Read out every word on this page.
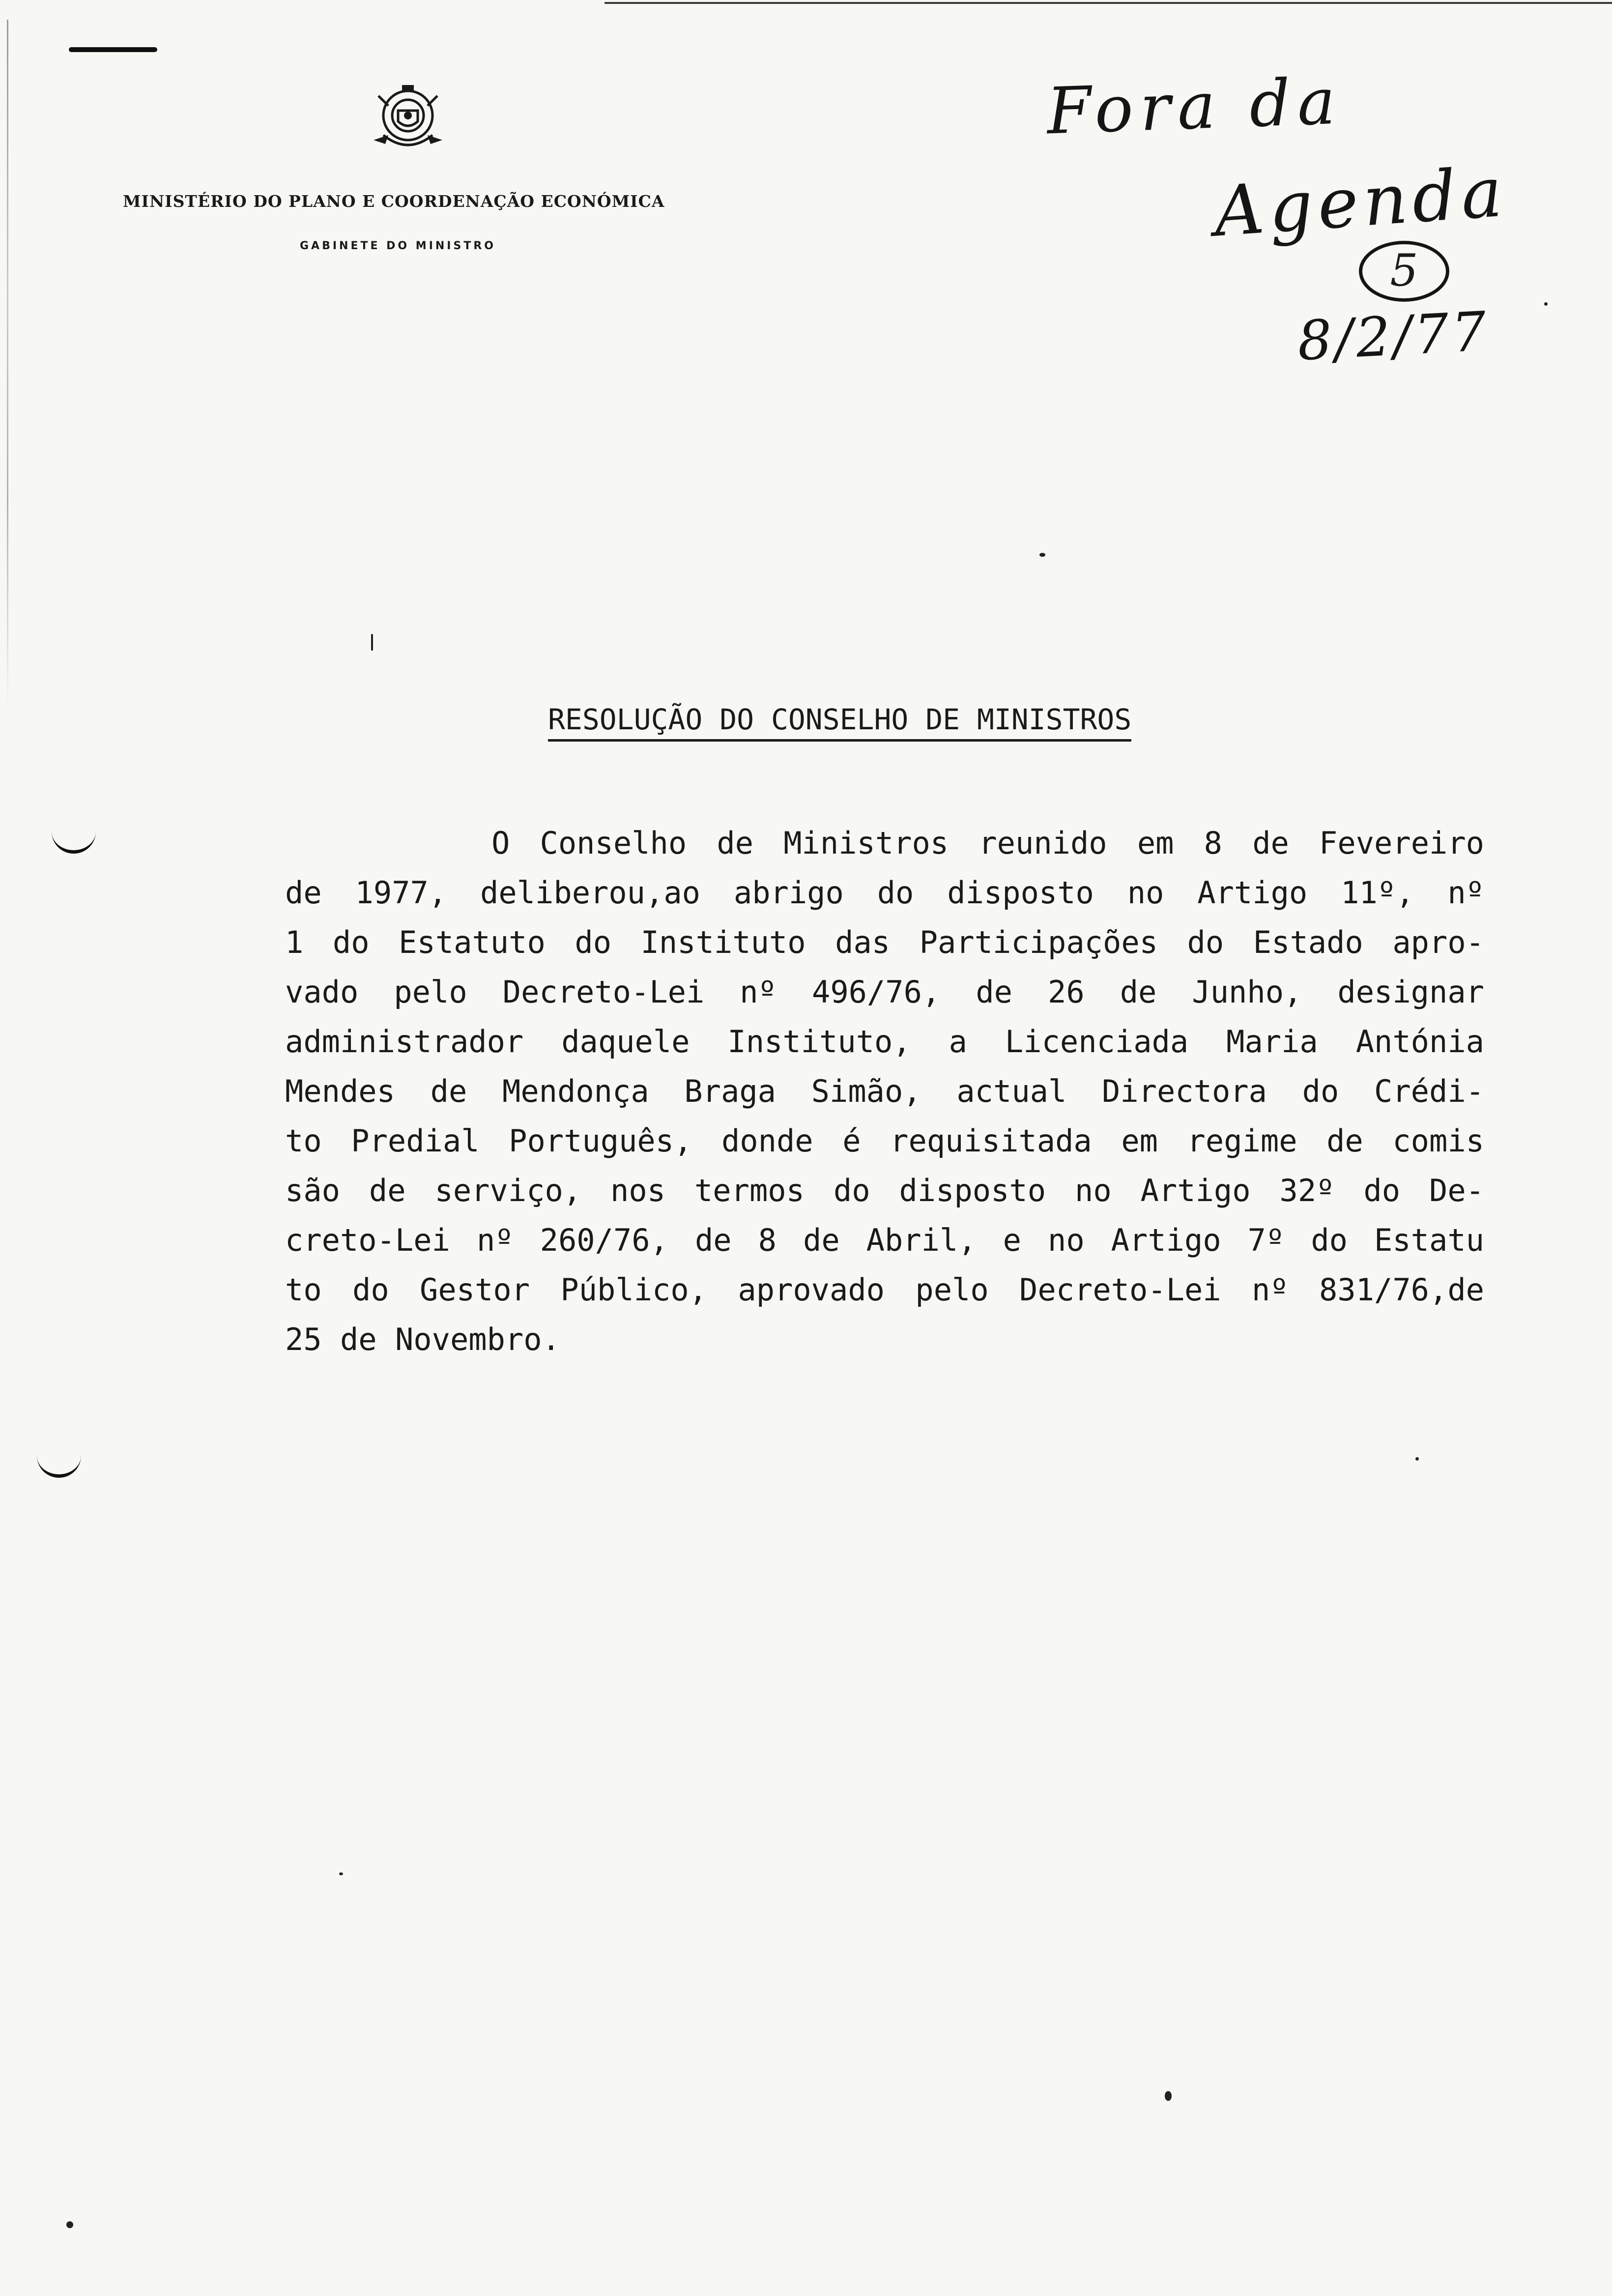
MINISTÉRIO DO PLANO E COORDENAÇÃO ECONÓMICA
GABINETE DO MINISTRO
Fora da
Agenda
5
8/2/77
RESOLUÇÃO DO CONSELHO DE MINISTROS
O Conselho de Ministros reunido em 8 de Fevereiro
de 1977, deliberou,ao abrigo do disposto no Artigo 11º, nº
1 do Estatuto do Instituto das Participações do Estado apro-
vado pelo Decreto-Lei nº 496/76, de 26 de Junho, designar
administrador daquele Instituto, a Licenciada Maria Antónia
Mendes de Mendonça Braga Simão, actual Directora do Crédi-
to Predial Português, donde é requisitada em regime de comis
são de serviço, nos termos do disposto no Artigo 32º do De-
creto-Lei nº 260/76, de 8 de Abril, e no Artigo 7º do Estatu
to do Gestor Público, aprovado pelo Decreto-Lei nº 831/76,de
25 de Novembro.
